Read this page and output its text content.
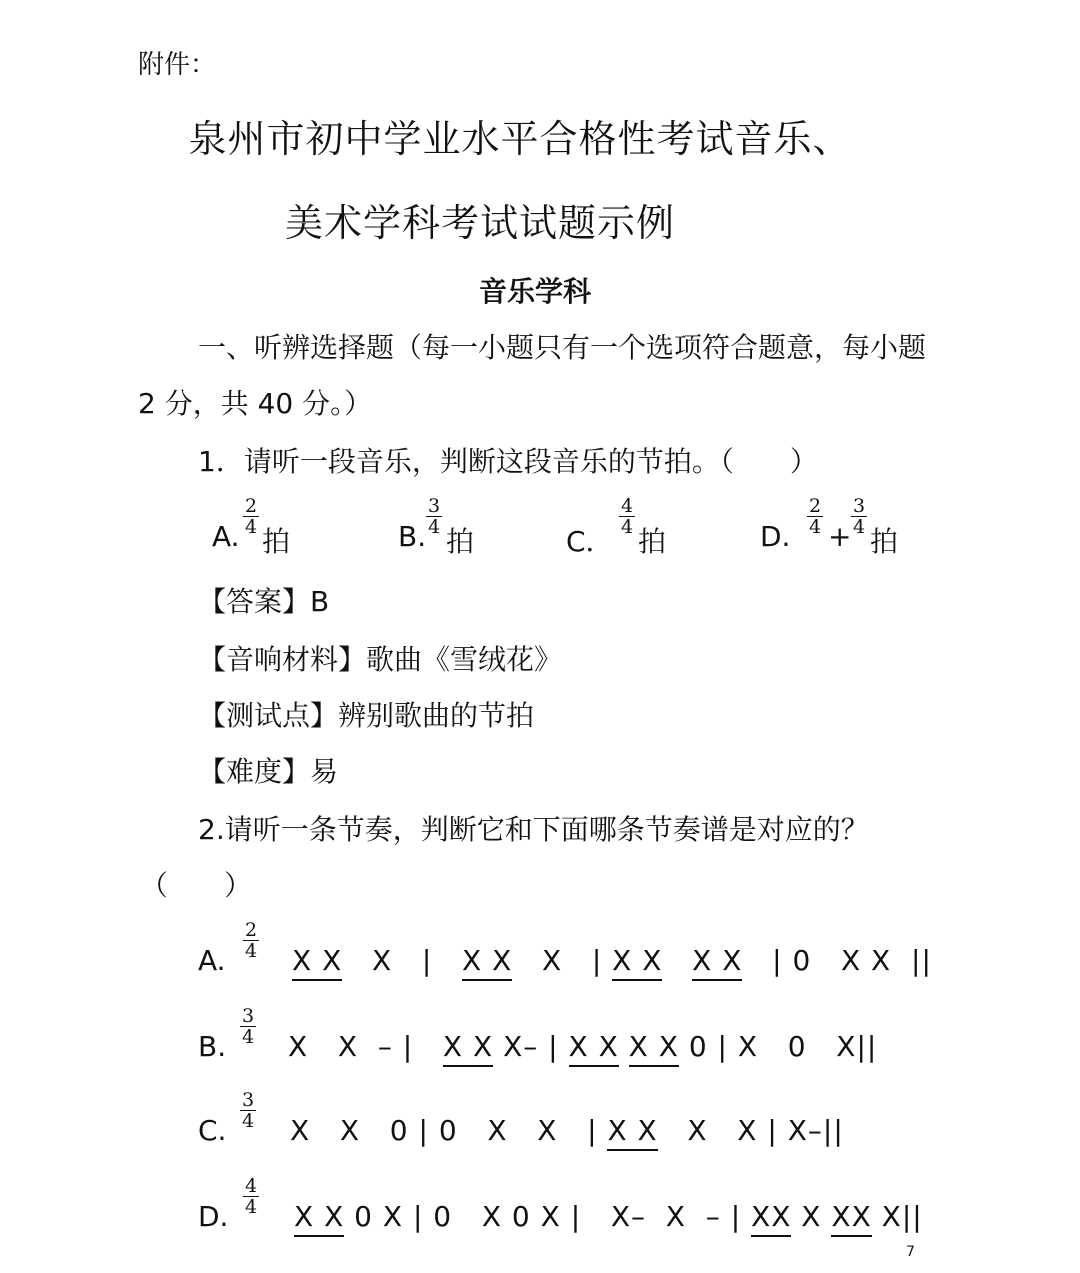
附件：
泉州市初中学业水平合格性考试音乐、
美术学科考试试题示例
音乐学科
一、听辨选择题（每一小题只有一个选项符合题意，每小题
2 分，共 40 分。）
1．请听一段音乐，判断这段音乐的节拍。（　　）
A. $\frac{2}{4}$
拍	B. $\frac{3}{4}$
拍	C．
$\frac{4}{4}$
拍	D. $\frac{2}{4} + \frac{3}{4}$
拍
【答案】B
【音响材料】歌曲《雪绒花》
【测试点】辨别歌曲的节拍
【难度】易
2.请听一条节奏，判断它和下面哪条节奏谱是对应的？
（　　）
A. $\frac{2}{4}$ X X   X   |   X X   X   | X X X X   | 0   X X  ||
B. $\frac{3}{4}$ X   X  – |   X X X– | X X X X 0 | X   0   X||
C. $\frac{3}{4}$ X   X   0 | 0   X   X   | X X   X   X | X–||
D. $\frac{4}{4}$ X X 0 X | 0   X 0 X |   X–  X  – | XX X XX X||
7
